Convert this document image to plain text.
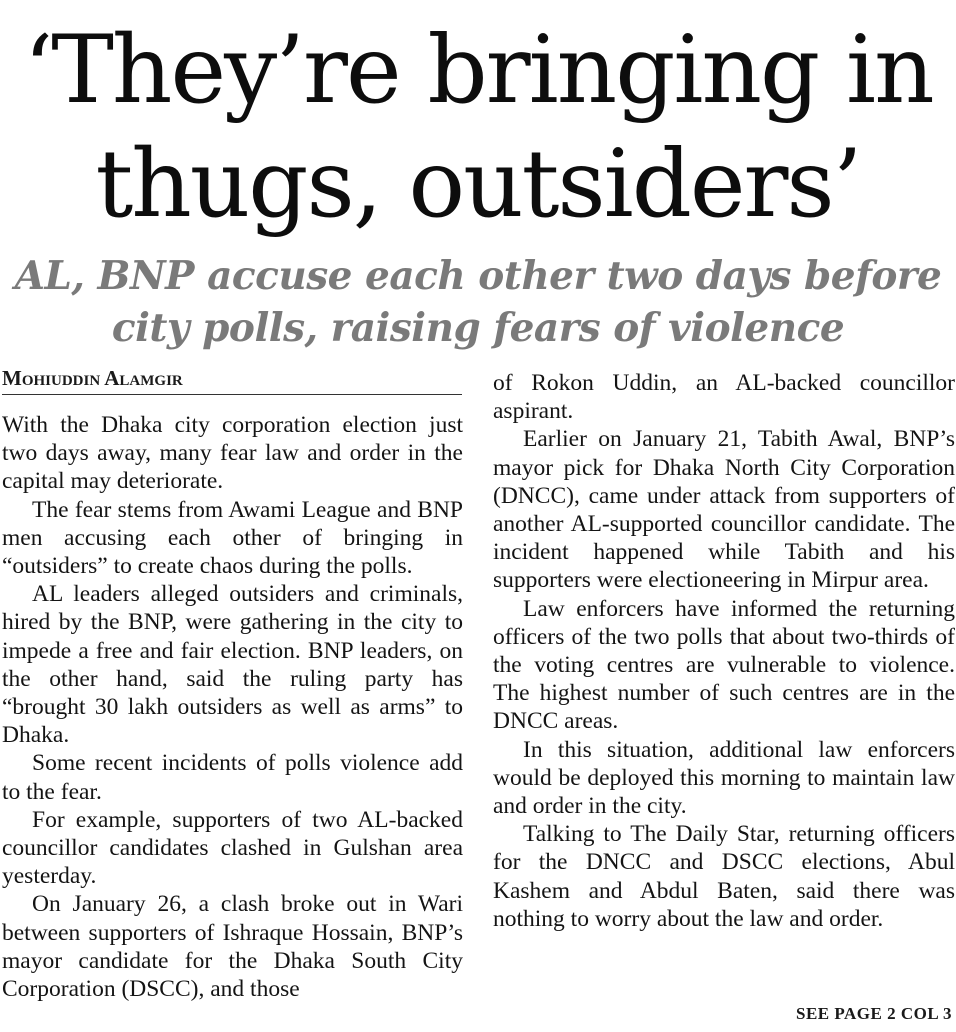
‘They’re bringing in
thugs, outsiders’
AL, BNP accuse each other two days before
city polls, raising fears of violence
Mohiuddin Alamgir

With the Dhaka city corporation election just two days away, many fear law and order in the capital may deteriorate.

The fear stems from Awami League and BNP men accusing each other of bringing in “outsiders” to create chaos during the polls.

AL leaders alleged outsiders and criminals, hired by the BNP, were gathering in the city to impede a free and fair election. BNP leaders, on the other hand, said the ruling party has “brought 30 lakh outsiders as well as arms” to Dhaka.

Some recent incidents of polls violence add to the fear.

For example, supporters of two AL-backed councillor candidates clashed in Gulshan area yesterday.

On January 26, a clash broke out in Wari between supporters of Ishraque Hossain, BNP’s mayor candidate for the Dhaka South City Corporation (DSCC), and those

of Rokon Uddin, an AL-backed councillor aspirant.

Earlier on January 21, Tabith Awal, BNP’s mayor pick for Dhaka North City Corporation (DNCC), came under attack from supporters of another AL-supported councillor candidate. The incident happened while Tabith and his supporters were electioneering in Mirpur area.

Law enforcers have informed the returning officers of the two polls that about two-thirds of the voting centres are vulnerable to violence. The highest number of such centres are in the DNCC areas.

In this situation, additional law enforcers would be deployed this morning to maintain law and order in the city.

Talking to The Daily Star, returning officers for the DNCC and DSCC elections, Abul Kashem and Abdul Baten, said there was nothing to worry about the law and order.

SEE PAGE 2 COL 3
